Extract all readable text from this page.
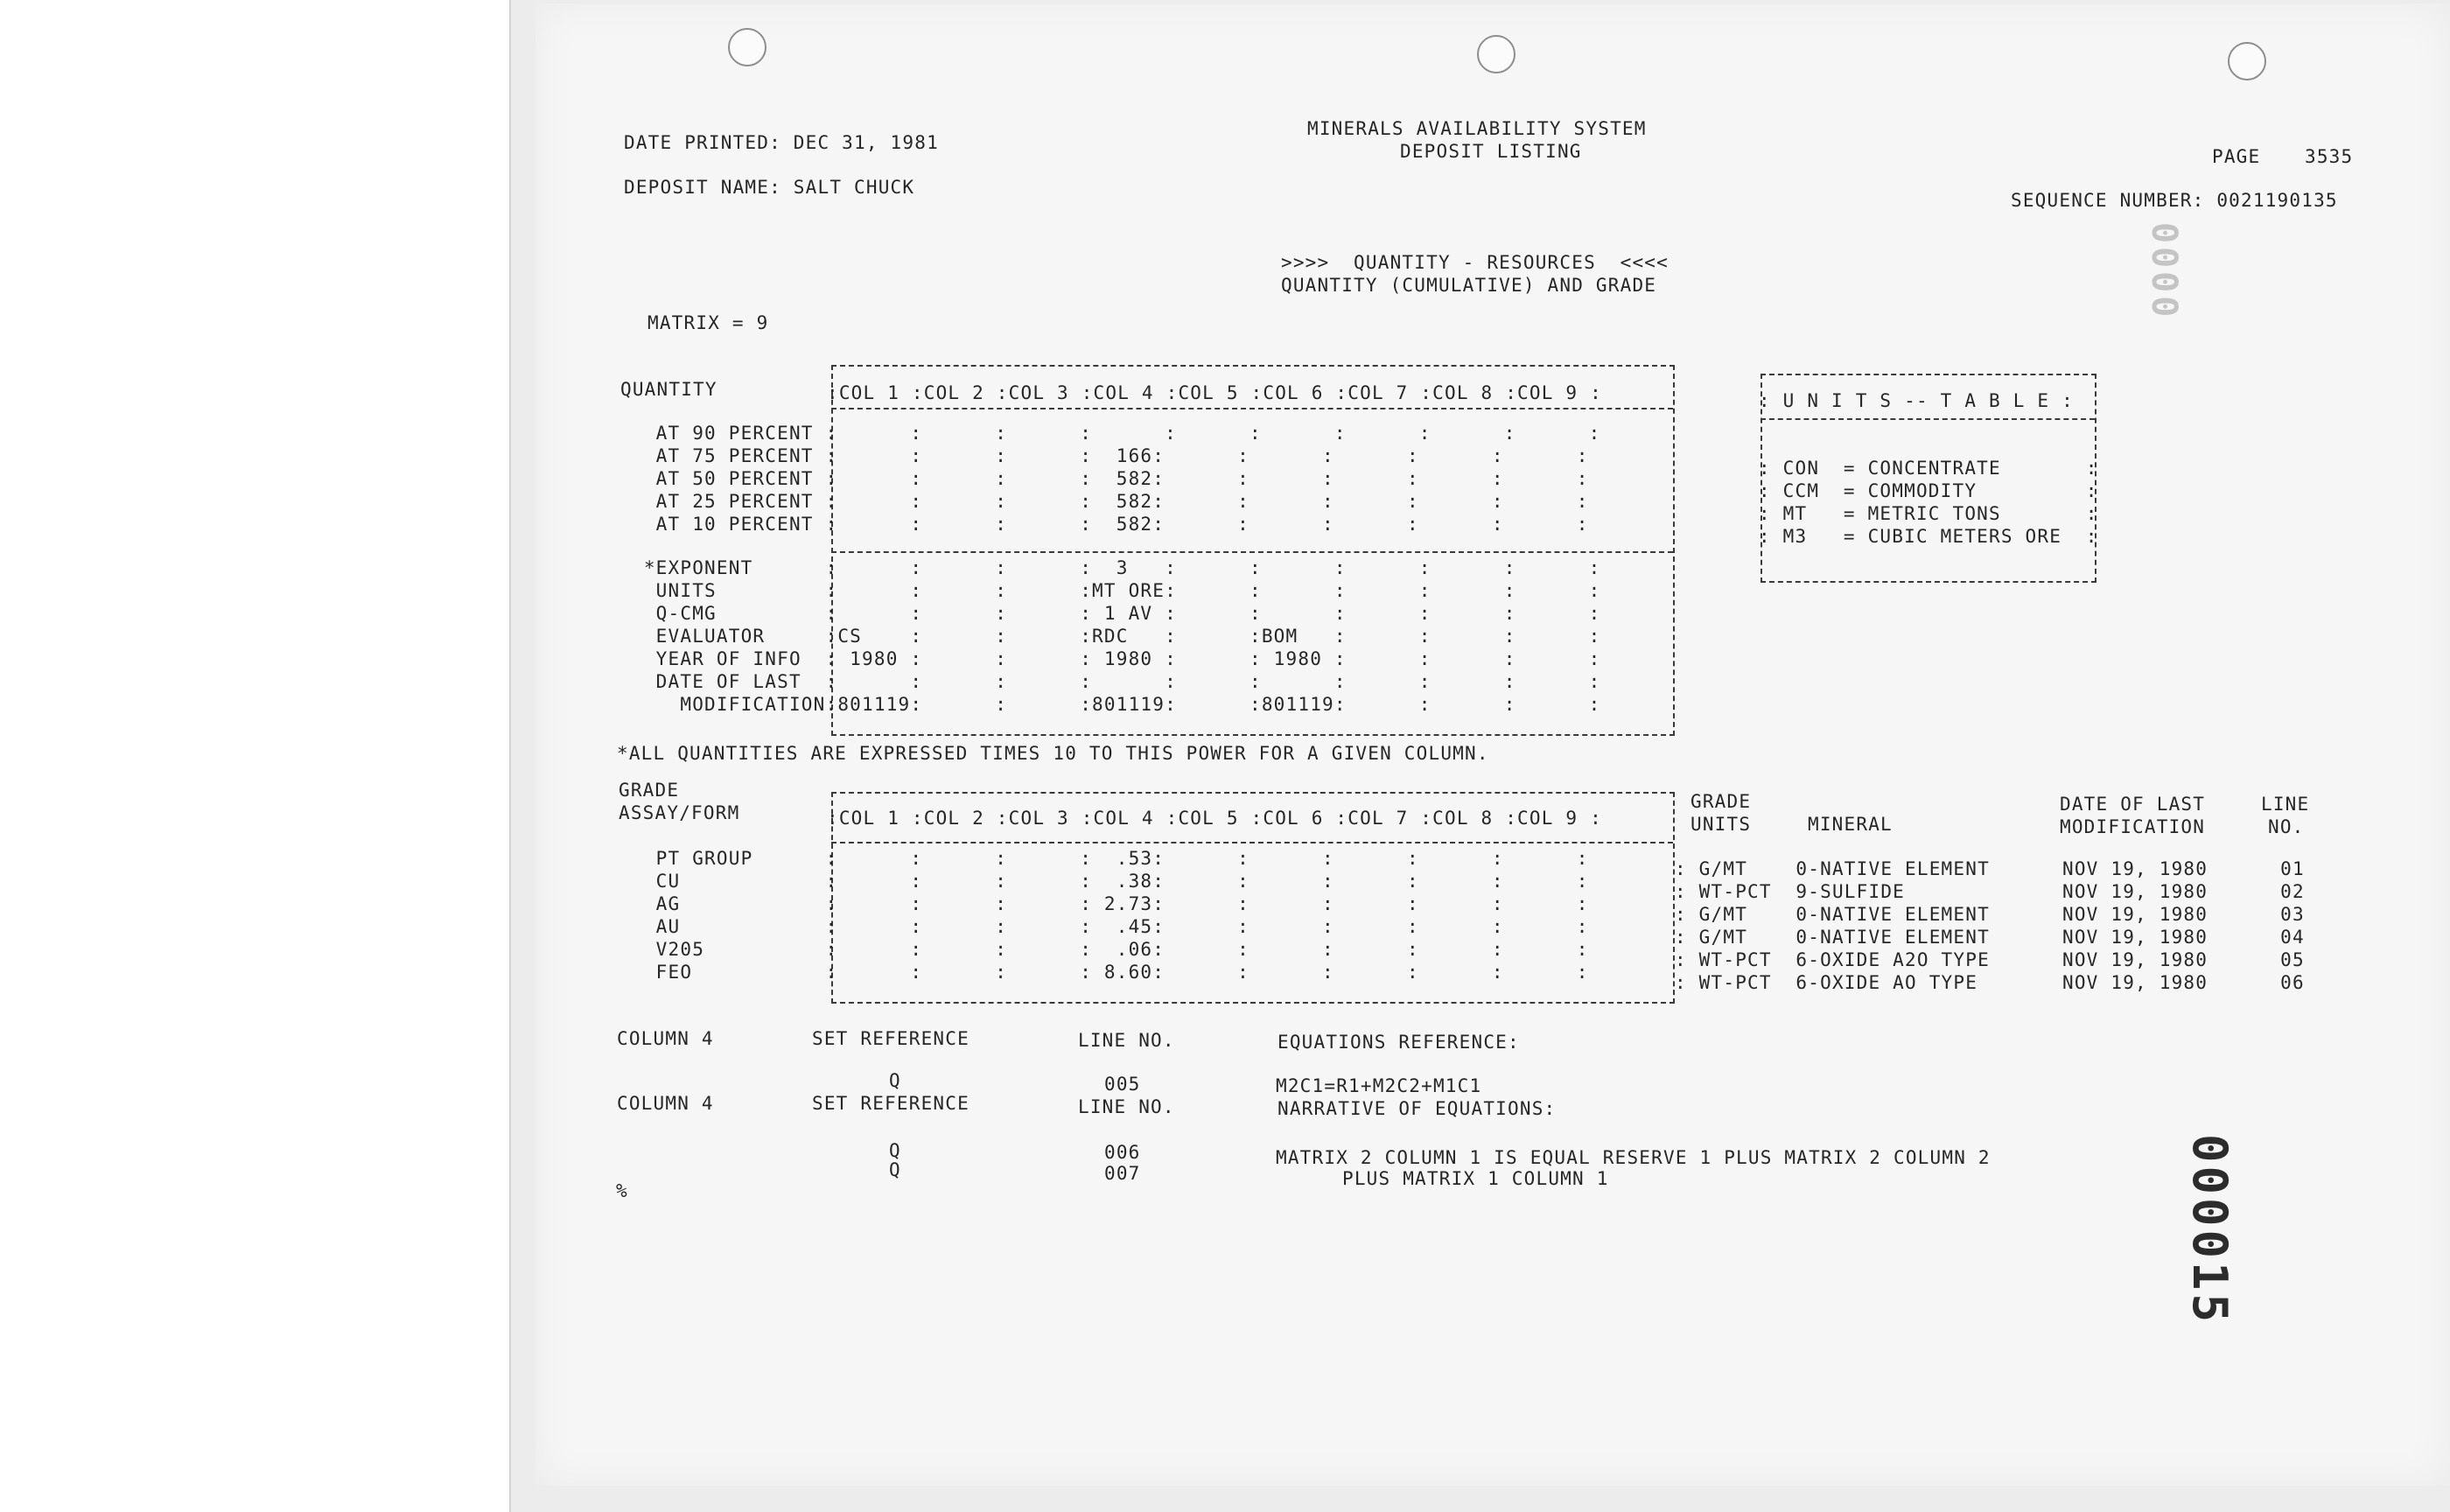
DATE PRINTED: DEC 31, 1981
DEPOSIT NAME: SALT CHUCK
MINERALS AVAILABILITY SYSTEM
DEPOSIT LISTING	PAGE 3535
SEQUENCE NUMBER: 0021190135
>>>>  QUANTITY - RESOURCES  <<<<
QUANTITY (CUMULATIVE) AND GRADE
MATRIX = 9
QUANTITY	:COL 1 :COL 2 :COL 3 :COL 4 :COL 5 :COL 6 :COL 7 :COL 8 :COL 9 :
AT 90 PERCENT :      :      :      :      :      :      :      :      :      :
AT 75 PERCENT :      :      :      :  166:      :      :      :      :      :
AT 50 PERCENT :      :      :      :  582:      :      :      :      :      :
AT 25 PERCENT :      :      :      :  582:      :      :      :      :      :
AT 10 PERCENT :      :      :      :  582:      :      :      :      :      :
*EXPONENT      :      :      :      :  3   :      :      :      :      :      :
UNITS         :      :      :      :MT ORE:      :      :      :      :      :
Q-CMG         :      :      :      : 1 AV :      :      :      :      :      :
EVALUATOR     :CS    :      :      :RDC   :      :BOM   :      :      :      :
YEAR OF INFO  : 1980 :      :      : 1980 :      : 1980 :      :      :      :
DATE OF LAST  :      :      :      :      :      :      :      :      :      :
MODIFICATION:801119:      :      :801119:      :801119:      :      :      :
*ALL QUANTITIES ARE EXPRESSED TIMES 10 TO THIS POWER FOR A GIVEN COLUMN.
: U N I T S -- T A B L E :
: CON  = CONCENTRATE       :
: CCM  = COMMODITY         :
: MT   = METRIC TONS       :
: M3   = CUBIC METERS ORE  :
GRADE
ASSAY/FORM	:COL 1 :COL 2 :COL 3 :COL 4 :COL 5 :COL 6 :COL 7 :COL 8 :COL 9 :
GRADE
UNITS	MINERAL
DATE OF LAST
MODIFICATION
LINE
NO.
PT GROUP      :      :      :      :  .53:      :      :      :      :      :
CU            :      :      :      :  .38:      :      :      :      :      :
AG            :      :      :      : 2.73:      :      :      :      :      :
AU            :      :      :      :  .45:      :      :      :      :      :
V205          :      :      :      :  .06:      :      :      :      :      :
FEO           :      :      :      : 8.60:      :      :      :      :      :
: G/MT    0-NATIVE ELEMENT      NOV 19, 1980      01
: WT-PCT  9-SULFIDE             NOV 19, 1980      02
: G/MT    0-NATIVE ELEMENT      NOV 19, 1980      03
: G/MT    0-NATIVE ELEMENT      NOV 19, 1980      04
: WT-PCT  6-OXIDE A2O TYPE      NOV 19, 1980      05
: WT-PCT  6-OXIDE AO TYPE       NOV 19, 1980      06
COLUMN 4	SET REFERENCE	LINE NO.	EQUATIONS REFERENCE:
Q	005	M2C1=R1+M2C2+M1C1
COLUMN 4	SET REFERENCE	LINE NO.	NARRATIVE OF EQUATIONS:
Q	006
Q	007
MATRIX 2 COLUMN 1 IS EQUAL RESERVE 1 PLUS MATRIX 2 COLUMN 2
PLUS MATRIX 1 COLUMN 1
%
0000
000015
